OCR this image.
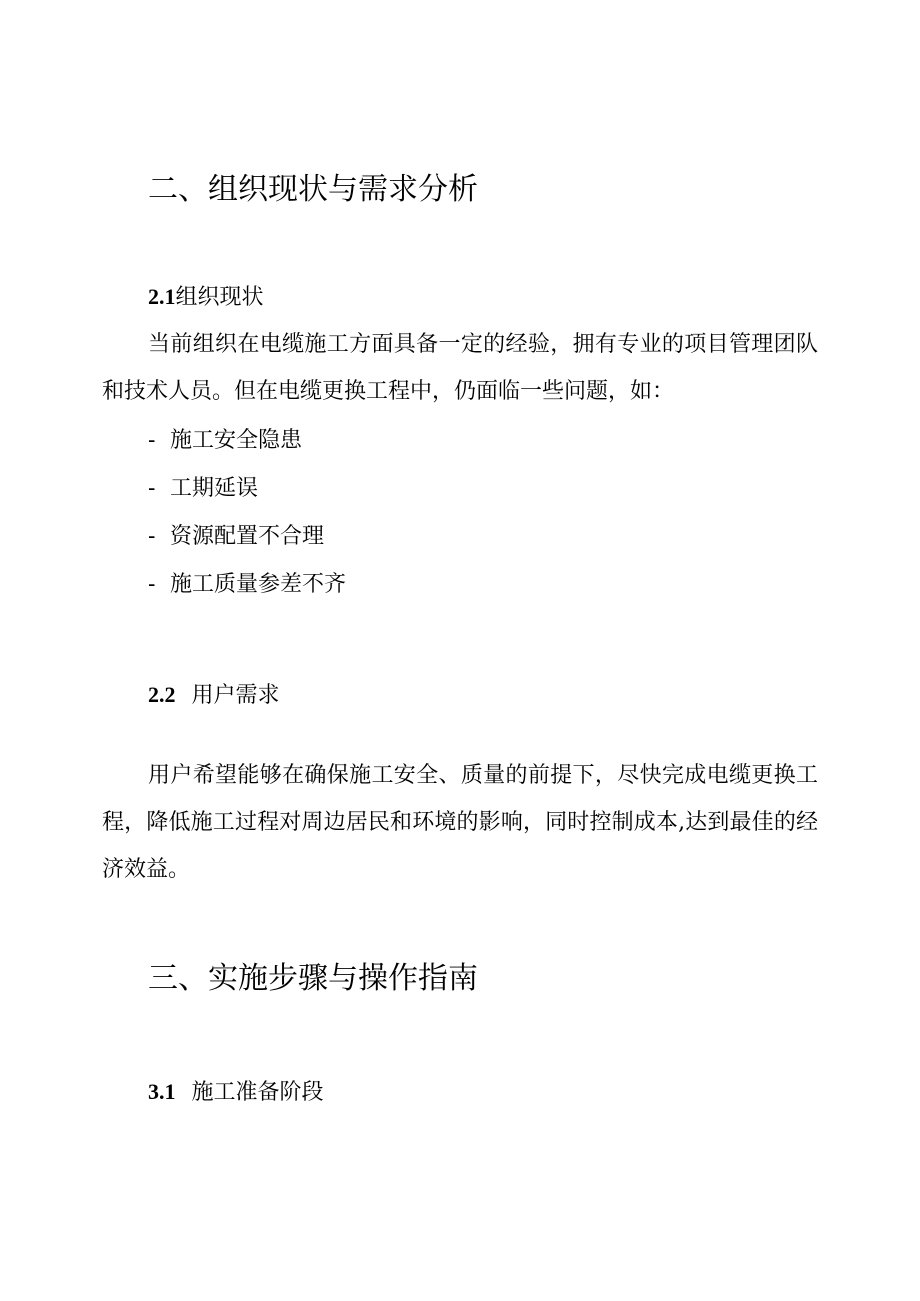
二、组织现状与需求分析
2.1组织现状

当前组织在电缆施工方面具备一定的经验，拥有专业的项目管理团队和技术人员。但在电缆更换工程中，仍面临一些问题，如：

- 施工安全隐患
- 工期延误
- 资源配置不合理
- 施工质量参差不齐
2.2 用户需求

用户希望能够在确保施工安全、质量的前提下，尽快完成电缆更换工程，降低施工过程对周边居民和环境的影响，同时控制成本,达到最佳的经济效益。

三、实施步骤与操作指南
3.1 施工准备阶段
